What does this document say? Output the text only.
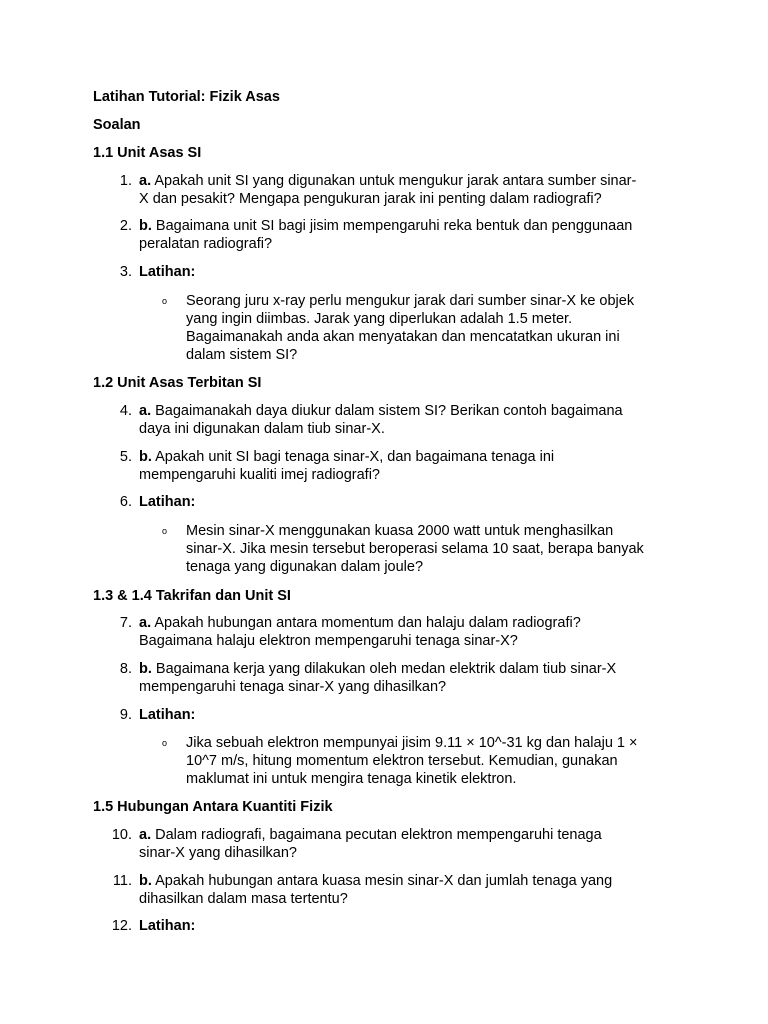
Latihan Tutorial: Fizik Asas

Soalan

1.1 Unit Asas SI

1. a. Apakah unit SI yang digunakan untuk mengukur jarak antara sumber sinar-
X dan pesakit? Mengapa pengukuran jarak ini penting dalam radiografi?
2. b. Bagaimana unit SI bagi jisim mempengaruhi reka bentuk dan penggunaan
peralatan radiografi?
3. Latihan:
o Seorang juru x-ray perlu mengukur jarak dari sumber sinar-X ke objek
yang ingin diimbas. Jarak yang diperlukan adalah 1.5 meter.
Bagaimanakah anda akan menyatakan dan mencatatkan ukuran ini
dalam sistem SI?

1.2 Unit Asas Terbitan SI

4. a. Bagaimanakah daya diukur dalam sistem SI? Berikan contoh bagaimana
daya ini digunakan dalam tiub sinar-X.
5. b. Apakah unit SI bagi tenaga sinar-X, dan bagaimana tenaga ini
mempengaruhi kualiti imej radiografi?
6. Latihan:
o Mesin sinar-X menggunakan kuasa 2000 watt untuk menghasilkan
sinar-X. Jika mesin tersebut beroperasi selama 10 saat, berapa banyak
tenaga yang digunakan dalam joule?

1.3 & 1.4 Takrifan dan Unit SI

7. a. Apakah hubungan antara momentum dan halaju dalam radiografi?
Bagaimana halaju elektron mempengaruhi tenaga sinar-X?
8. b. Bagaimana kerja yang dilakukan oleh medan elektrik dalam tiub sinar-X
mempengaruhi tenaga sinar-X yang dihasilkan?
9. Latihan:
o Jika sebuah elektron mempunyai jisim 9.11 × 10^-31 kg dan halaju 1 ×
10^7 m/s, hitung momentum elektron tersebut. Kemudian, gunakan
maklumat ini untuk mengira tenaga kinetik elektron.

1.5 Hubungan Antara Kuantiti Fizik

10. a. Dalam radiografi, bagaimana pecutan elektron mempengaruhi tenaga
sinar-X yang dihasilkan?
11. b. Apakah hubungan antara kuasa mesin sinar-X dan jumlah tenaga yang
dihasilkan dalam masa tertentu?
12. Latihan:
